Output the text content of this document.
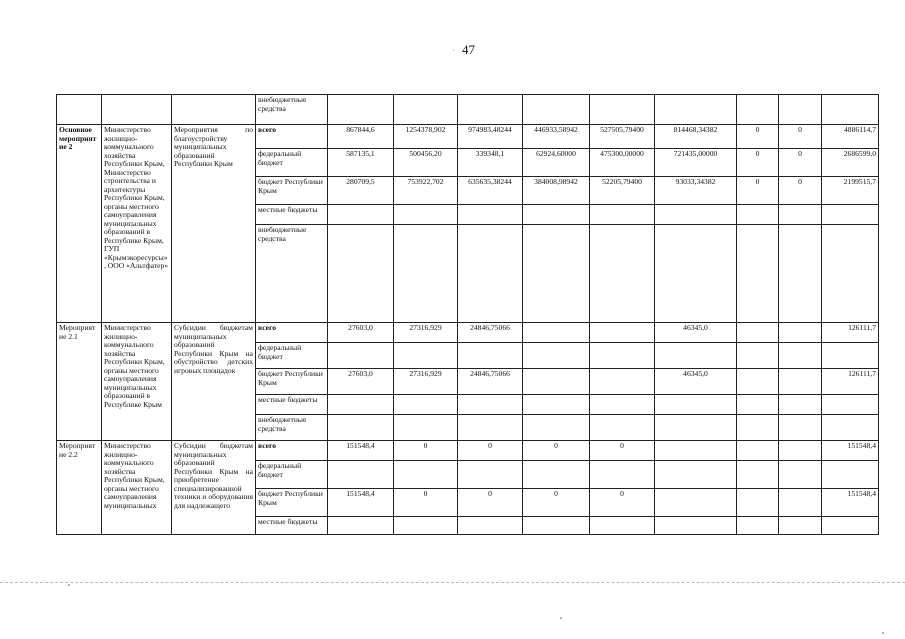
47
·
			внебюджетные средства									
Основное мероприятие 2	Министерство жилищно-коммунального хозяйства Республики Крым, Министерство строительства и архитектуры Республики Крым, органы местного самоуправления муниципальных образований в Республике Крым, ГУП «Крымэкоресурсы», ООО «Альтфатер»	Мероприятия по благоустройству муниципальных образований Республики Крым	всего	867844,6	1254378,902	974983,48244	446933,58942	527505,79400	814468,34382	0	0	4886114,7
			федеральный бюджет	587135,1	500456,20	339348,1	62924,60000	475300,00000	721435,00000	0	0	2686599,0
			бюджет Республики Крым	280709,5	753922,702	635635,38244	384008,98942	52205,79400	93033,34382	0	0	2199515,7
			местные бюджеты									
			внебюджетные средства									
Мероприятие 2.1	Министерство жилищно-коммунального хозяйства Республики Крым, органы местного самоуправления муниципальных образований в Республике Крым	Субсидии бюджетам муниципальных образований Республики Крым на обустройство детских игровых площадок	всего	27603,0	27316,929	24846,75066			46345,0			126111,7
			федеральный бюджет									
			бюджет Республики Крым	27603,0	27316,929	24846,75066			46345,0			126111,7
			местные бюджеты									
			внебюджетные средства									
Мероприятие 2.2	Министерство жилищно-коммунального хозяйства Республики Крым, органы местного самоуправления муниципальных	Субсидии бюджетам муниципальных образований Республики Крым на приобретение специализированной техники и оборудования для надлежащего	всего	151548,4	0	0	0	0				151548,4
			федеральный бюджет									
			бюджет Республики Крым	151548,4	0	0	0	0				151548,4
			местные бюджеты									
